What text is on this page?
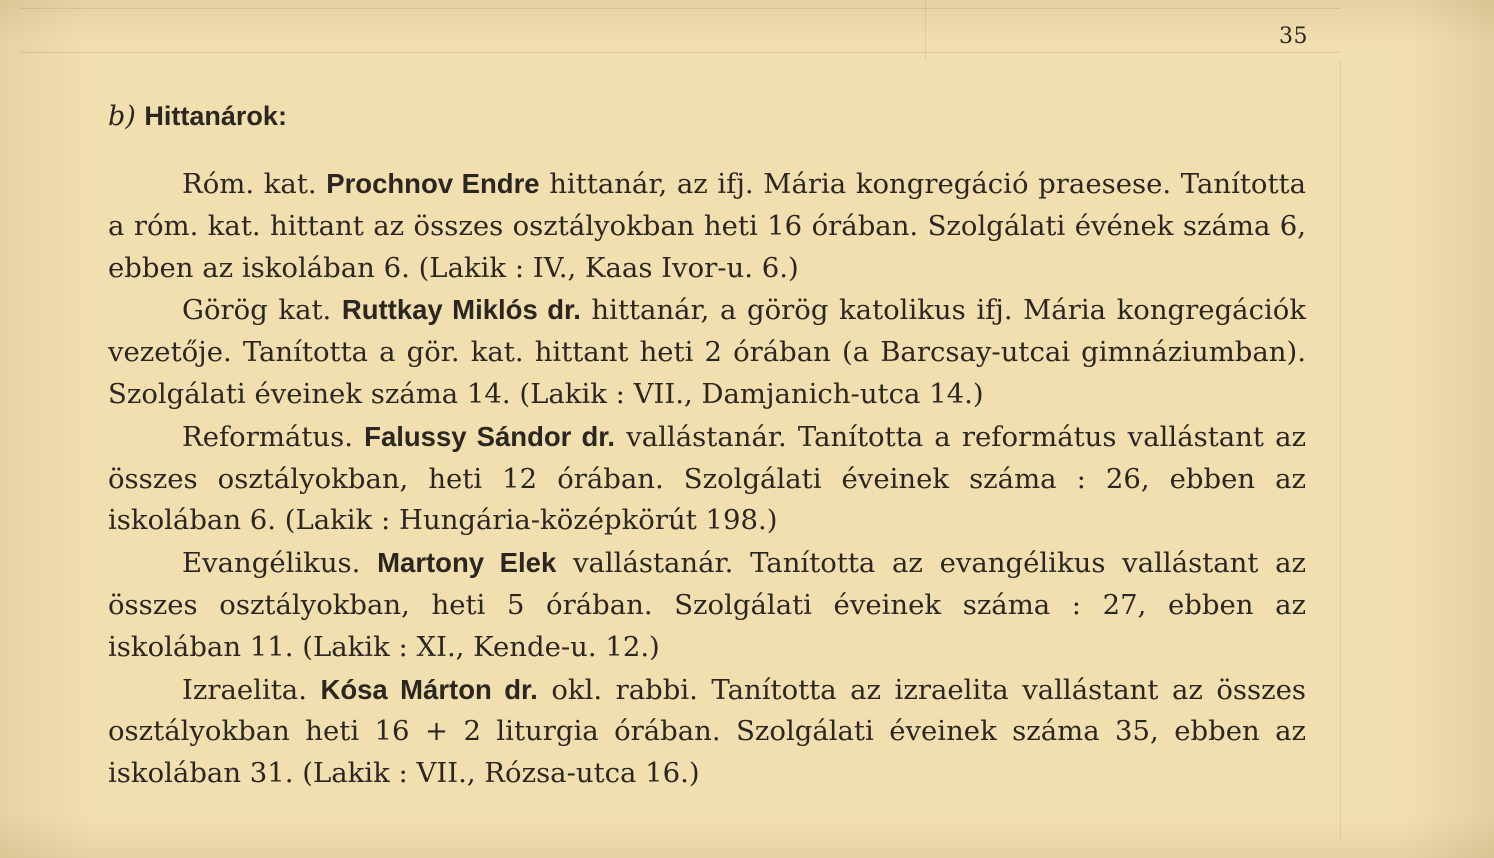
35
b) Hittanárok:

Róm. kat. Prochnov Endre hittanár, az ifj. Mária kongregáció praesese. Tanította a róm. kat. hittant az összes osztályokban heti 16 órában. Szolgálati évének száma 6, ebben az iskolában 6. (Lakik : IV., Kaas Ivor-u. 6.)

Görög kat. Ruttkay Miklós dr. hittanár, a görög katolikus ifj. Mária kongregációk vezetője. Tanította a gör. kat. hittant heti 2 órában (a Barcsay-utcai gimnáziumban). Szolgálati éveinek száma 14. (Lakik : VII., Damjanich-utca 14.)

Református. Falussy Sándor dr. vallástanár. Tanította a református vallástant az összes osztályokban, heti 12 órában. Szolgálati éveinek száma : 26, ebben az iskolában 6. (Lakik : Hungária-középkörút 198.)

Evangélikus. Martony Elek vallástanár. Tanította az evangélikus vallástant az összes osztályokban, heti 5 órában. Szolgálati éveinek száma : 27, ebben az iskolában 11. (Lakik : XI., Kende-u. 12.)

Izraelita. Kósa Márton dr. okl. rabbi. Tanította az izraelita vallástant az összes osztályokban heti 16 + 2 liturgia órában. Szolgálati éveinek száma 35, ebben az iskolában 31. (Lakik : VII., Rózsa-utca 16.)
